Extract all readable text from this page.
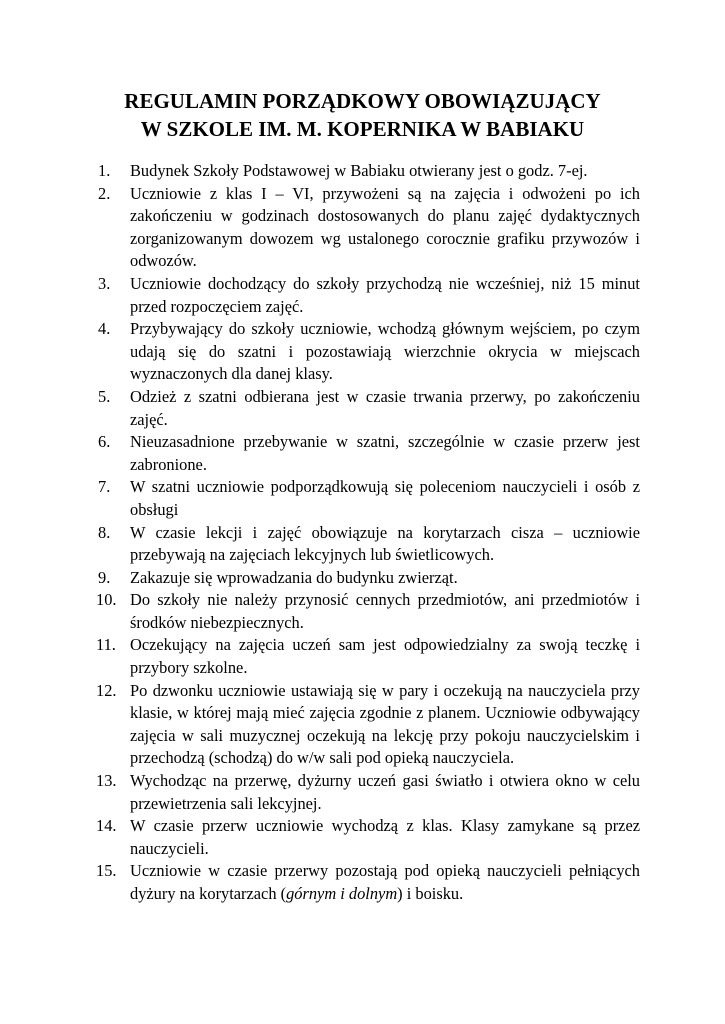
REGULAMIN PORZĄDKOWY OBOWIĄZUJĄCY
W SZKOLE IM. M. KOPERNIKA W BABIAKU
1. Budynek Szkoły Podstawowej w Babiaku otwierany jest o godz. 7-ej.
2. Uczniowie z klas I – VI, przywożeni są na zajęcia i odwożeni po ich zakończeniu w godzinach dostosowanych do planu zajęć dydaktycznych zorganizowanym dowozem wg ustalonego corocznie grafiku przywozów i odwozów.
3. Uczniowie dochodzący do szkoły przychodzą nie wcześniej, niż 15 minut przed rozpoczęciem zajęć.
4. Przybywający do szkoły uczniowie, wchodzą głównym wejściem, po czym udają się do szatni i pozostawiają wierzchnie okrycia w miejscach wyznaczonych dla danej klasy.
5. Odzież z szatni odbierana jest w czasie trwania przerwy, po zakończeniu zajęć.
6. Nieuzasadnione przebywanie w szatni, szczególnie w czasie przerw jest zabronione.
7. W szatni uczniowie podporządkowują się poleceniom nauczycieli i osób z obsługi
8. W czasie lekcji i zajęć obowiązuje na korytarzach cisza – uczniowie przebywają na zajęciach lekcyjnych lub świetlicowych.
9. Zakazuje się wprowadzania do budynku zwierząt.
10. Do szkoły nie należy przynosić cennych przedmiotów, ani przedmiotów i środków niebezpiecznych.
11. Oczekujący na zajęcia uczeń sam jest odpowiedzialny za swoją teczkę i przybory szkolne.
12. Po dzwonku uczniowie ustawiają się w pary i oczekują na nauczyciela przy klasie, w której mają mieć zajęcia zgodnie z planem. Uczniowie odbywający zajęcia w sali muzycznej oczekują na lekcję przy pokoju nauczycielskim i przechodzą (schodzą) do w/w sali pod opieką nauczyciela.
13. Wychodząc na przerwę, dyżurny uczeń gasi światło i otwiera okno w celu przewietrzenia sali lekcyjnej.
14. W czasie przerw uczniowie wychodzą z klas. Klasy zamykane są przez nauczycieli.
15. Uczniowie w czasie przerwy pozostają pod opieką nauczycieli pełniących dyżury na korytarzach (górnym i dolnym) i boisku.
